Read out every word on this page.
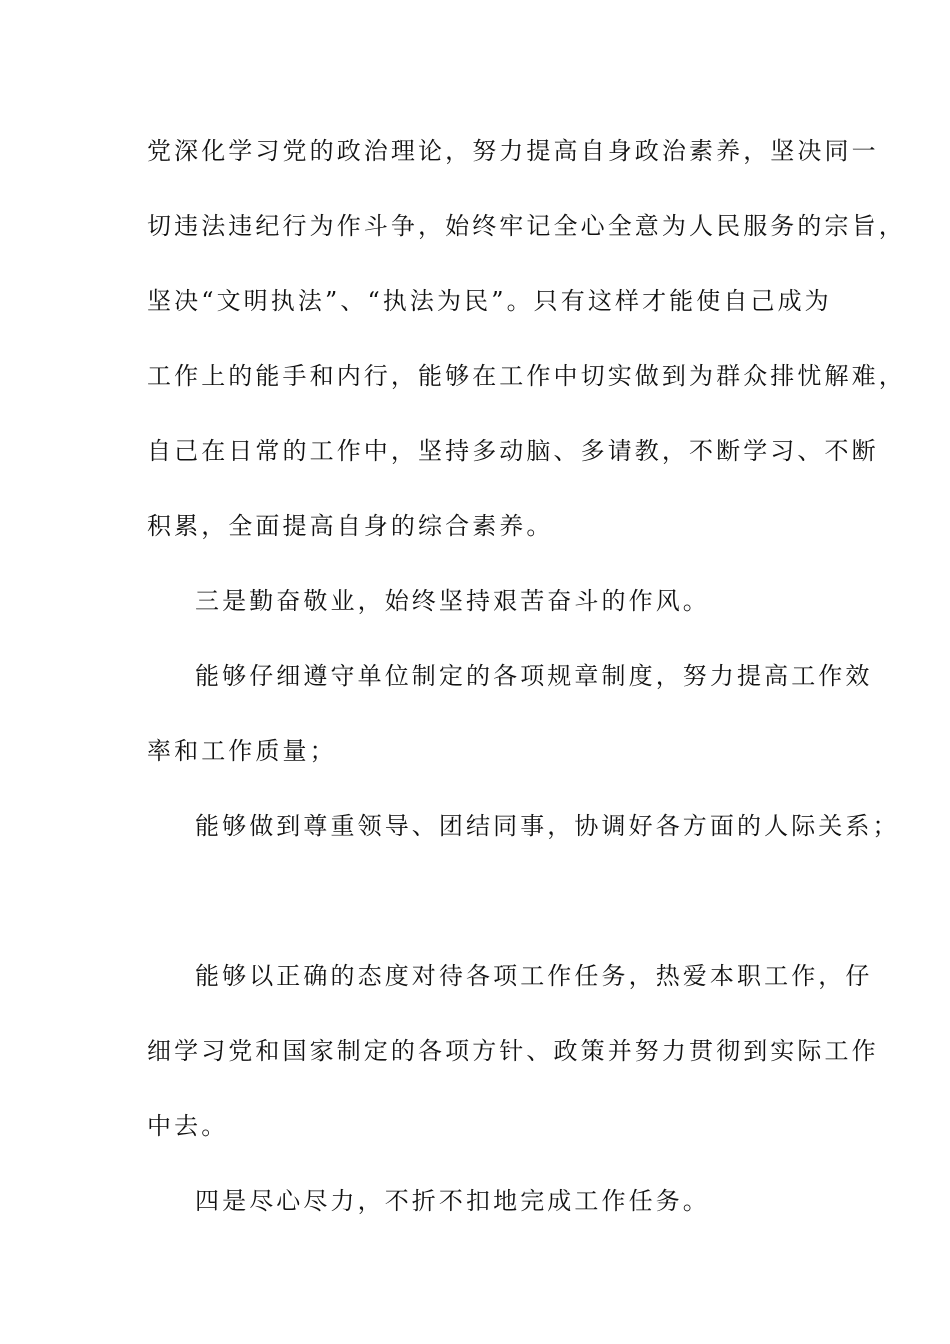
党深化学习党的政治理论，努力提高自身政治素养，坚决同一
切违法违纪行为作斗争，始终牢记全心全意为人民服务的宗旨，
坚决“文明执法”、“执法为民”。只有这样才能使自己成为
工作上的能手和内行，能够在工作中切实做到为群众排忧解难，
自己在日常的工作中，坚持多动脑、多请教，不断学习、不断
积累，全面提高自身的综合素养。
三是勤奋敬业，始终坚持艰苦奋斗的作风。
能够仔细遵守单位制定的各项规章制度，努力提高工作效
率和工作质量；
能够做到尊重领导、团结同事，协调好各方面的人际关系；
能够以正确的态度对待各项工作任务，热爱本职工作，仔
细学习党和国家制定的各项方针、政策并努力贯彻到实际工作
中去。
四是尽心尽力，不折不扣地完成工作任务。
